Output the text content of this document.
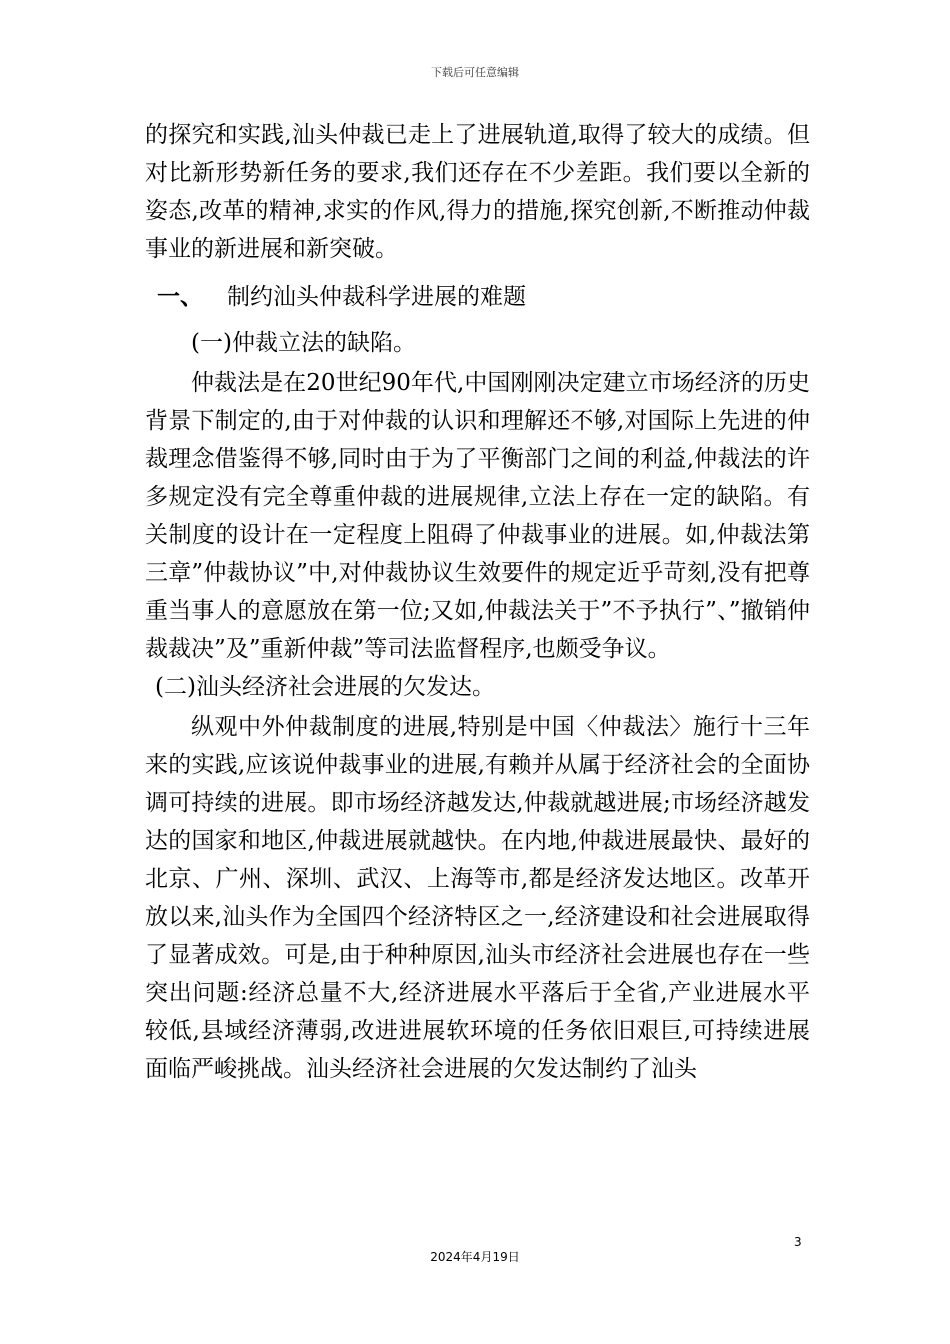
下载后可任意编辑

的探究和实践,汕头仲裁已走上了进展轨道,取得了较大的成绩。但对比新形势新任务的要求,我们还存在不少差距。我们要以全新的姿态,改革的精神,求实的作风,得力的措施,探究创新,不断推动仲裁事业的新进展和新突破。

一、	制约汕头仲裁科学进展的难题

(一)仲裁立法的缺陷。

仲裁法是在20世纪90年代,中国刚刚决定建立市场经济的历史背景下制定的,由于对仲裁的认识和理解还不够,对国际上先进的仲裁理念借鉴得不够,同时由于为了平衡部门之间的利益,仲裁法的许多规定没有完全尊重仲裁的进展规律,立法上存在一定的缺陷。有关制度的设计在一定程度上阻碍了仲裁事业的进展。如,仲裁法第三章”仲裁协议”中,对仲裁协议生效要件的规定近乎苛刻,没有把尊重当事人的意愿放在第一位;又如,仲裁法关于”不予执行”、”撤销仲裁裁决”及”重新仲裁”等司法监督程序,也颇受争议。

(二)汕头经济社会进展的欠发达。

纵观中外仲裁制度的进展,特别是中国〈仲裁法〉施行十三年来的实践,应该说仲裁事业的进展,有赖并从属于经济社会的全面协调可持续的进展。即市场经济越发达,仲裁就越进展;市场经济越发达的国家和地区,仲裁进展就越快。在内地,仲裁进展最快、最好的北京、广州、深圳、武汉、上海等市,都是经济发达地区。改革开放以来,汕头作为全国四个经济特区之一,经济建设和社会进展取得了显著成效。可是,由于种种原因,汕头市经济社会进展也存在一些突出问题:经济总量不大,经济进展水平落后于全省,产业进展水平较低,县域经济薄弱,改进进展软环境的任务依旧艰巨,可持续进展面临严峻挑战。汕头经济社会进展的欠发达制约了汕头

3
2024年4月19日
